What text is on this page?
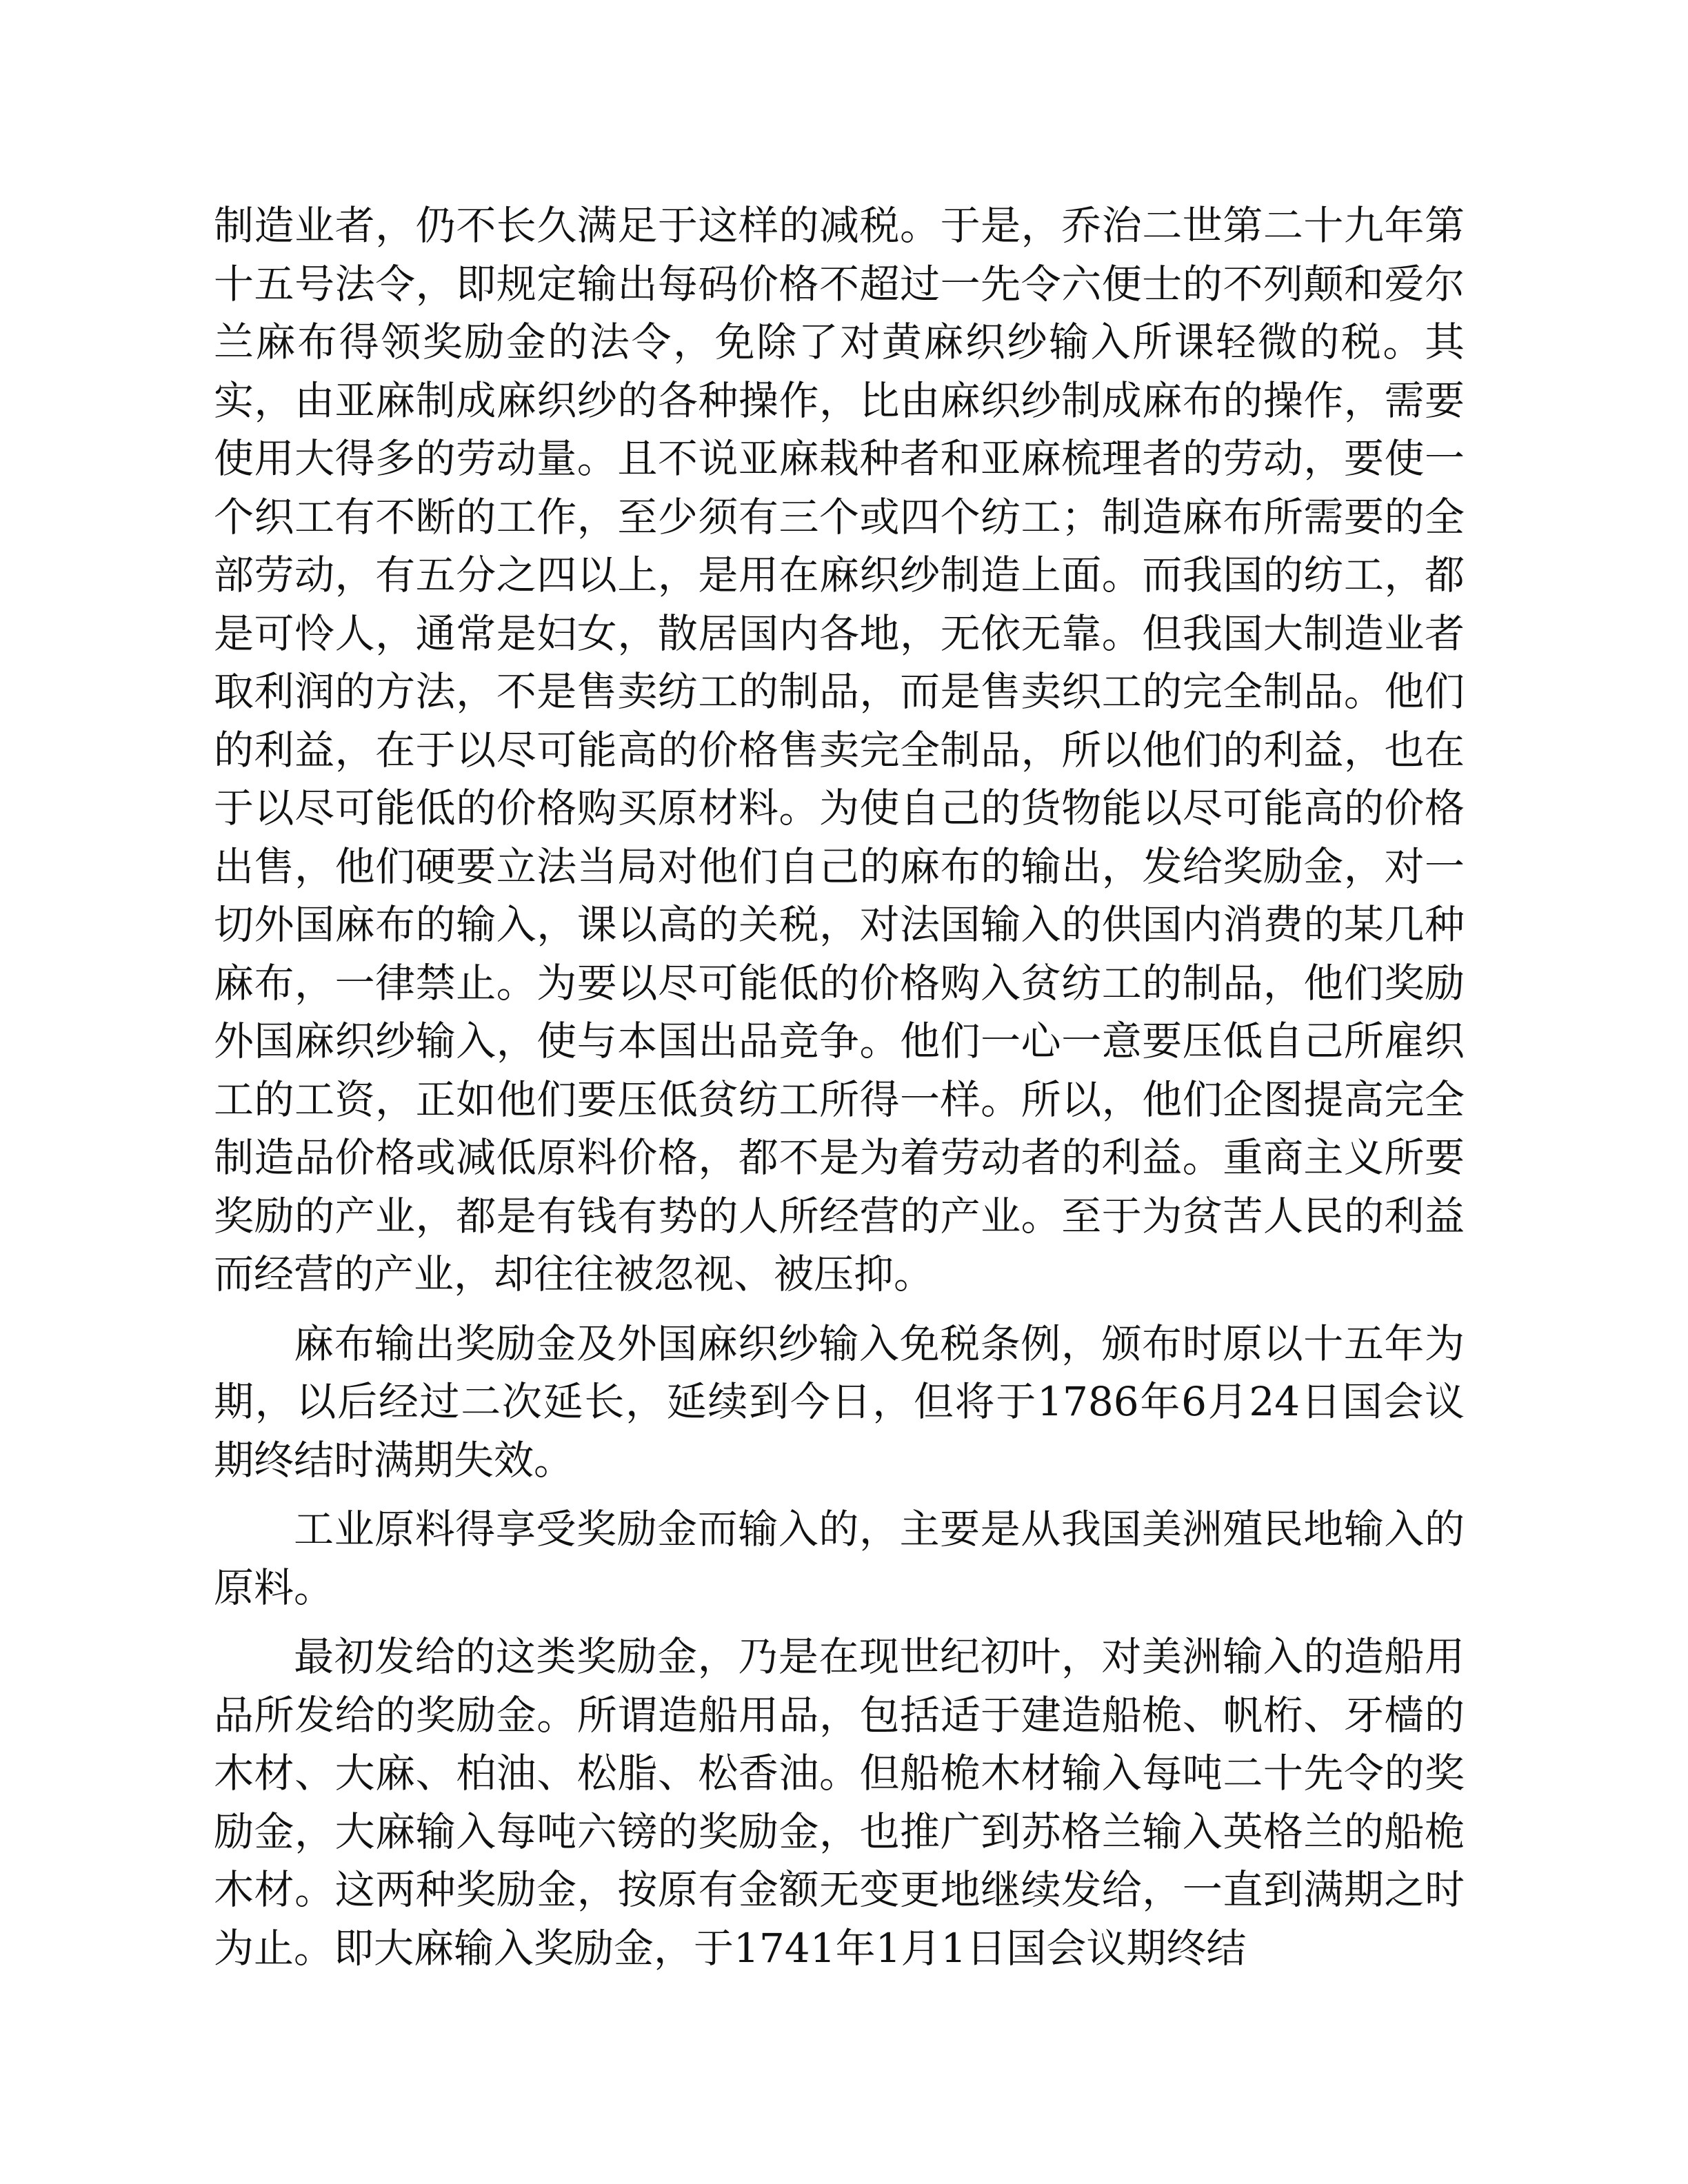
制造业者，仍不长久满足于这样的减税。于是，乔治二世第二十九年第十五号法令，即规定输出每码价格不超过一先令六便士的不列颠和爱尔兰麻布得领奖励金的法令，免除了对黄麻织纱输入所课轻微的税。其实，由亚麻制成麻织纱的各种操作，比由麻织纱制成麻布的操作，需要使用大得多的劳动量。且不说亚麻栽种者和亚麻梳理者的劳动，要使一个织工有不断的工作，至少须有三个或四个纺工；制造麻布所需要的全部劳动，有五分之四以上，是用在麻织纱制造上面。而我国的纺工，都是可怜人，通常是妇女，散居国内各地，无依无靠。但我国大制造业者取利润的方法，不是售卖纺工的制品，而是售卖织工的完全制品。他们的利益，在于以尽可能高的价格售卖完全制品，所以他们的利益，也在于以尽可能低的价格购买原材料。为使自己的货物能以尽可能高的价格出售，他们硬要立法当局对他们自己的麻布的输出，发给奖励金，对一切外国麻布的输入，课以高的关税，对法国输入的供国内消费的某几种麻布，一律禁止。为要以尽可能低的价格购入贫纺工的制品，他们奖励外国麻织纱输入，使与本国出品竞争。他们一心一意要压低自己所雇织工的工资，正如他们要压低贫纺工所得一样。所以，他们企图提高完全制造品价格或减低原料价格，都不是为着劳动者的利益。重商主义所要奖励的产业，都是有钱有势的人所经营的产业。至于为贫苦人民的利益而经营的产业，却往往被忽视、被压抑。

麻布输出奖励金及外国麻织纱输入免税条例，颁布时原以十五年为期，以后经过二次延长，延续到今日，但将于1786年6月24日国会议期终结时满期失效。

工业原料得享受奖励金而输入的，主要是从我国美洲殖民地输入的原料。

最初发给的这类奖励金，乃是在现世纪初叶，对美洲输入的造船用品所发给的奖励金。所谓造船用品，包括适于建造船桅、帆桁、牙樯的木材、大麻、柏油、松脂、松香油。但船桅木材输入每吨二十先令的奖励金，大麻输入每吨六镑的奖励金，也推广到苏格兰输入英格兰的船桅木材。这两种奖励金，按原有金额无变更地继续发给，一直到满期之时为止。即大麻输入奖励金，于1741年1月1日国会议期终结
